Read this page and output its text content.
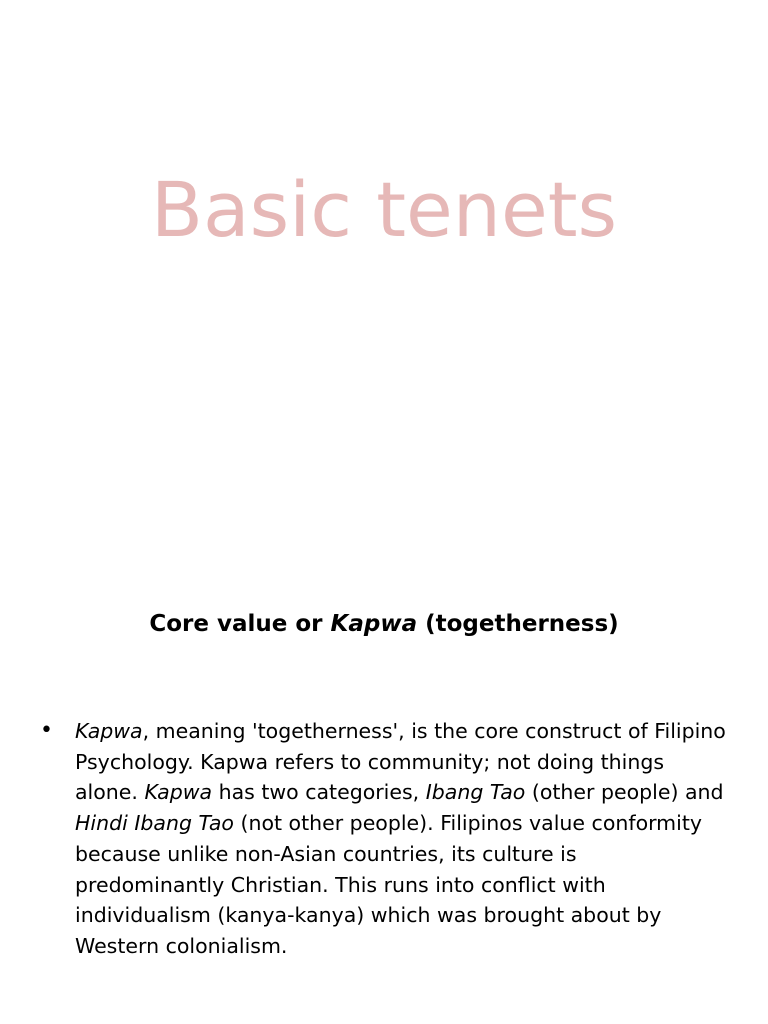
Basic tenets

Core value or Kapwa (togetherness)

•	Kapwa, meaning 'togetherness', is the core construct of Filipino Psychology. Kapwa refers to community; not doing things alone. Kapwa has two categories, Ibang Tao (other people) and Hindi Ibang Tao (not other people). Filipinos value conformity because unlike non-Asian countries, its culture is predominantly Christian. This runs into conflict with individualism (kanya-kanya) which was brought about by Western colonialism.
